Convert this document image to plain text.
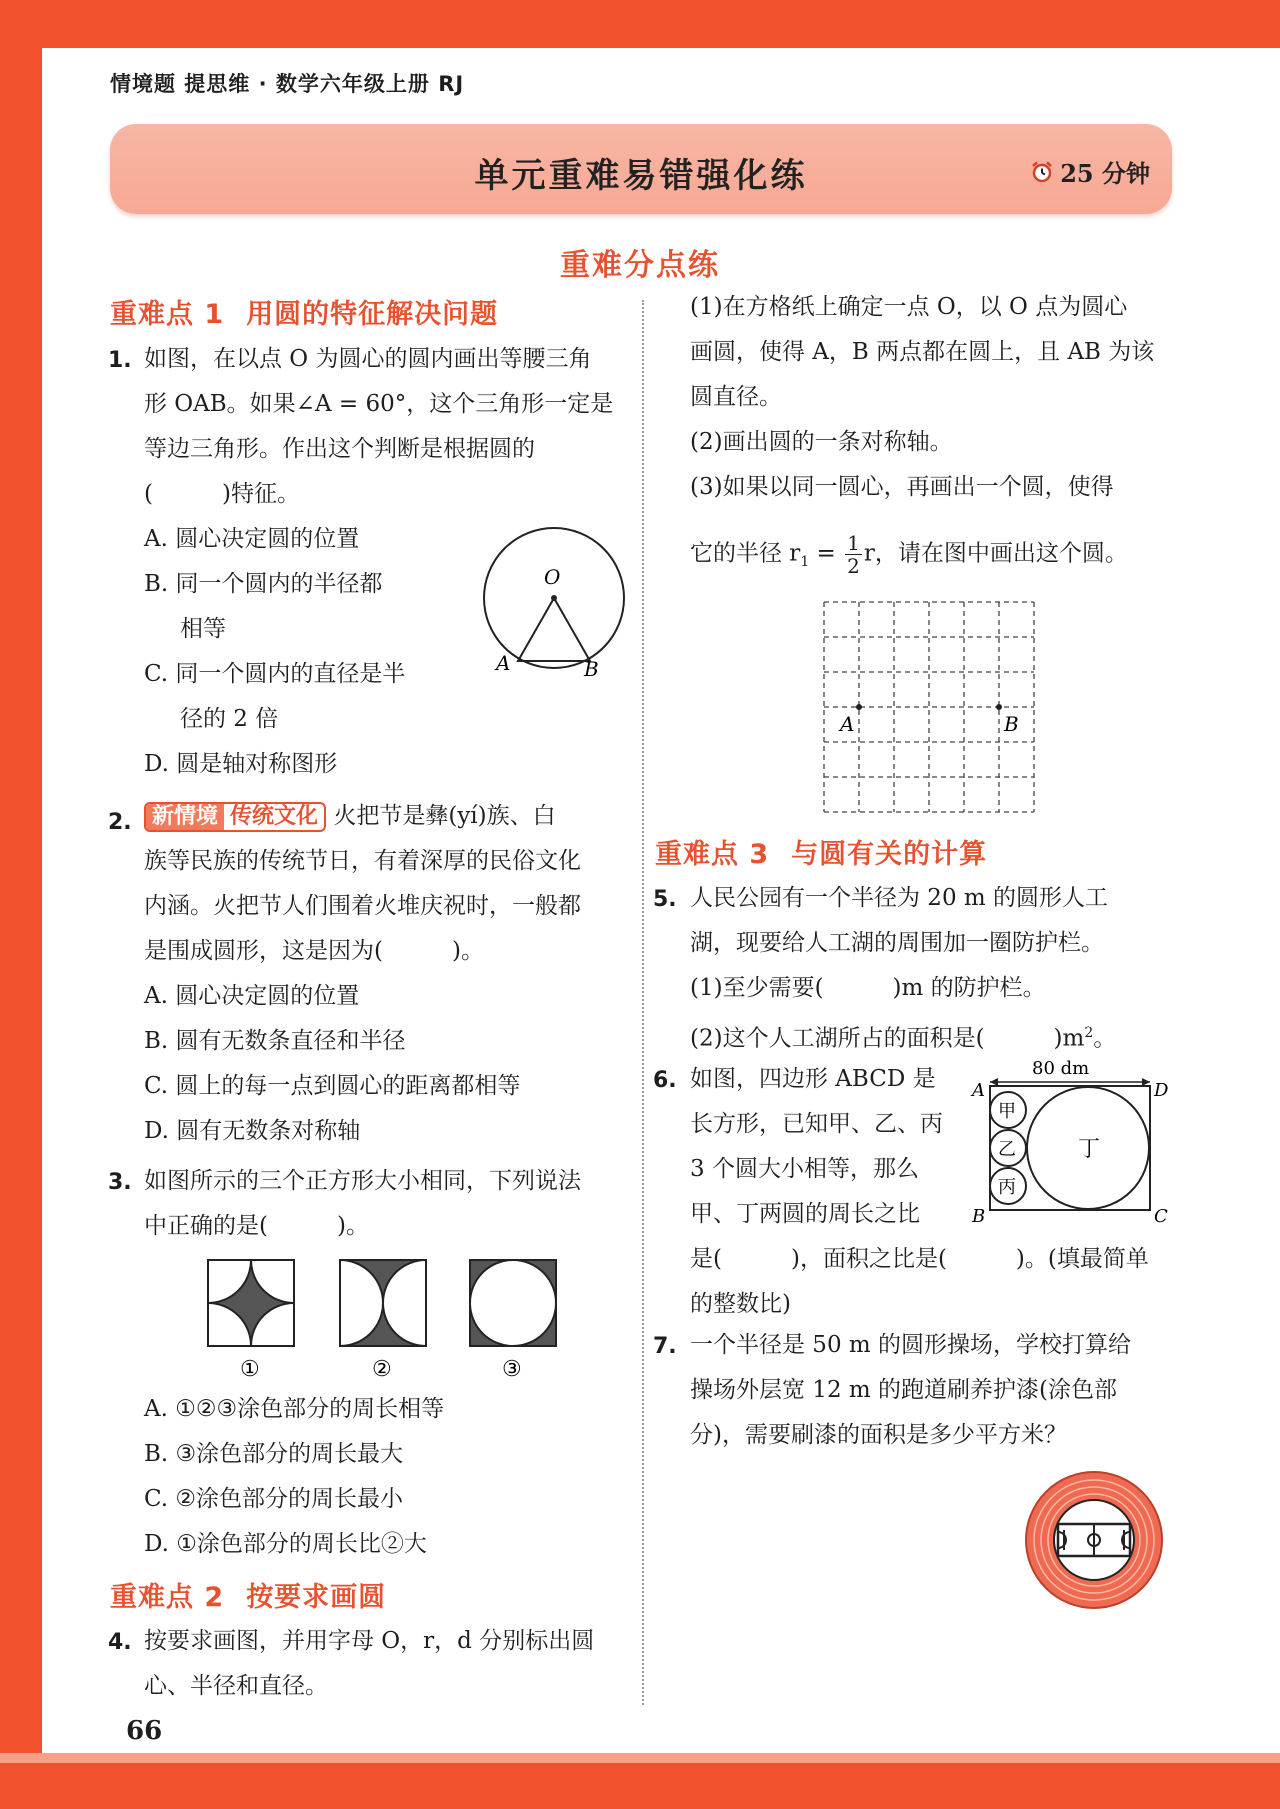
情境题 提思维 · 数学六年级上册 RJ
单元重难易错强化练	25 分钟
重难分点练
重难点 1 用圆的特征解决问题
1. 如图，在以点 O 为圆心的圆内画出等腰三角
形 OAB。如果∠A = 60°，这个三角形一定是
等边三角形。作出这个判断是根据圆的
(　　　)特征。
A. 圆心决定圆的位置
B. 同一个圆内的半径都
相等
C. 同一个圆内的直径是半
径的 2 倍
D. 圆是轴对称图形
O
A	B
2. 新情境 传统文化 火把节是彝(yí)族、白
族等民族的传统节日，有着深厚的民俗文化
内涵。火把节人们围着火堆庆祝时，一般都
是围成圆形，这是因为(　　　)。
A. 圆心决定圆的位置
B. 圆有无数条直径和半径
C. 圆上的每一点到圆心的距离都相等
D. 圆有无数条对称轴
3. 如图所示的三个正方形大小相同，下列说法
中正确的是(　　　)。
①	②	③
A. ①②③涂色部分的周长相等
B. ③涂色部分的周长最大
C. ②涂色部分的周长最小
D. ①涂色部分的周长比②大
重难点 2 按要求画圆
4. 按要求画图，并用字母 O，r，d 分别标出圆
心、半径和直径。
66
(1)在方格纸上确定一点 O，以 O 点为圆心
画圆，使得 A，B 两点都在圆上，且 AB 为该
圆直径。
(2)画出圆的一条对称轴。
(3)如果以同一圆心，再画出一个圆，使得
它的半径 $r_1 = \frac{1}{2}$ r，请在图中画出这个圆。
A	B
重难点 3 与圆有关的计算
5. 人民公园有一个半径为 20 m 的圆形人工
湖，现要给人工湖的周围加一圈防护栏。
(1)至少需要(　　　)m 的防护栏。
(2)这个人工湖所占的面积是(　　　)$m^2$。
6. 如图，四边形 ABCD 是
长方形，已知甲、乙、丙
3 个圆大小相等，那么
甲、丁两圆的周长之比
是(　　　)，面积之比是(　　　)。(填最简单
的整数比)
80 dm
甲
乙
丙
丁
A
B	C
D
7. 一个半径是 50 m 的圆形操场，学校打算给
操场外层宽 12 m 的跑道刷养护漆(涂色部
分)，需要刷漆的面积是多少平方米？
